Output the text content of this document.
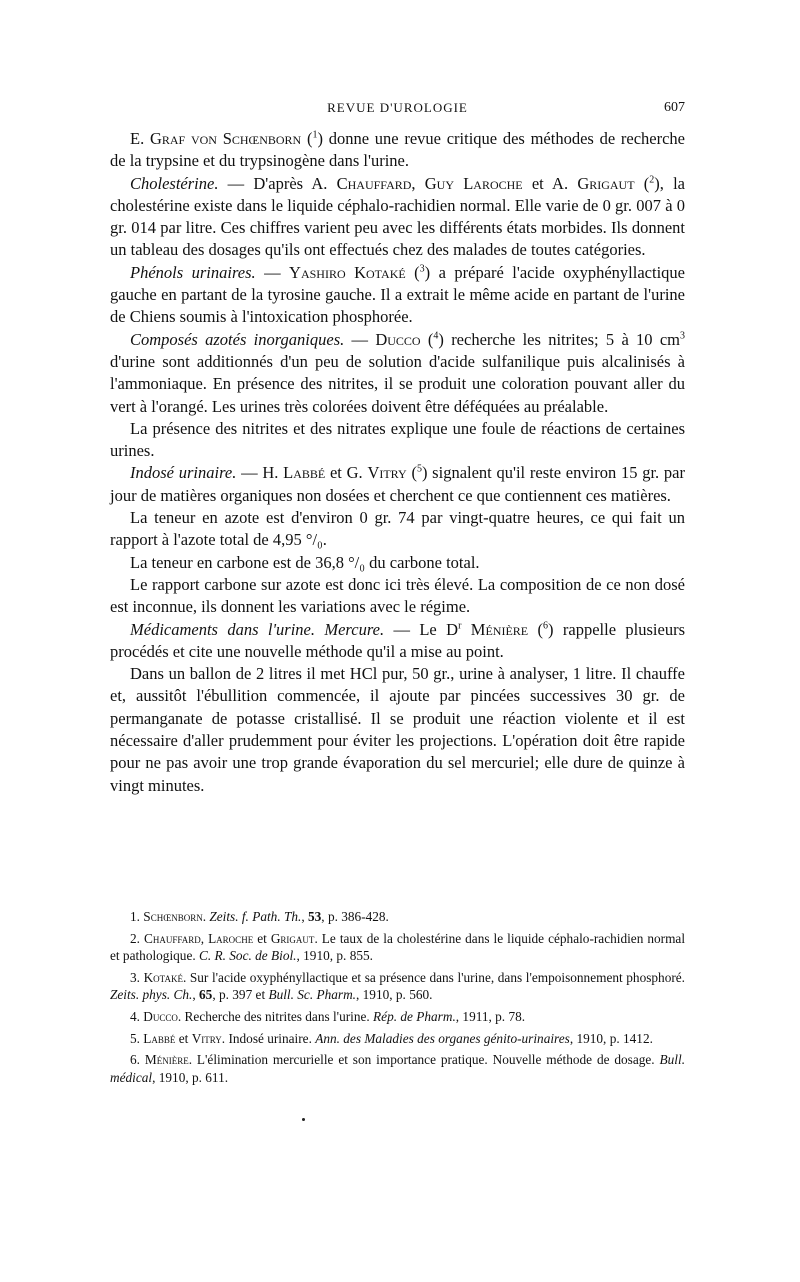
REVUE D'UROLOGIE	607

E. Graf von Schœnborn ($^1$) donne une revue critique des méthodes de recherche de la trypsine et du trypsinogène dans l'urine.

Cholestérine. — D'après A. Chauffard, Guy Laroche et A. Grigaut ($^2$), la cholestérine existe dans le liquide céphalo-rachidien normal. Elle varie de 0 gr. 007 à 0 gr. 014 par litre. Ces chiffres varient peu avec les différents états morbides. Ils donnent un tableau des dosages qu'ils ont effectués chez des malades de toutes catégories.

Phénols urinaires. — Yashiro Kotaké ($^3$) a préparé l'acide oxyphényllactique gauche en partant de la tyrosine gauche. Il a extrait le même acide en partant de l'urine de Chiens soumis à l'intoxication phosphorée.

Composés azotés inorganiques. — Ducco ($^4$) recherche les nitrites; 5 à 10 $cm^3$ d'urine sont additionnés d'un peu de solution d'acide sulfanilique puis alcalinisés à l'ammoniaque. En présence des nitrites, il se produit une coloration pouvant aller du vert à l'orangé. Les urines très colorées doivent être déféquées au préalable.

La présence des nitrites et des nitrates explique une foule de réactions de certaines urines.

Indosé urinaire. — H. Labbé et G. Vitry ($^5$) signalent qu'il reste environ 15 gr. par jour de matières organiques non dosées et cherchent ce que contiennent ces matières.

La teneur en azote est d'environ 0 gr. 74 par vingt-quatre heures, ce qui fait un rapport à l'azote total de 4,95 °/₀.

La teneur en carbone est de 36,8 °/₀ du carbone total.

Le rapport carbone sur azote est donc ici très élevé. La composition de ce non dosé est inconnue, ils donnent les variations avec le régime.

Médicaments dans l'urine. Mercure. — Le $D^r$ Ménière ($^6$) rappelle plusieurs procédés et cite une nouvelle méthode qu'il a mise au point.

Dans un ballon de 2 litres il met HCl pur, 50 gr., urine à analyser, 1 litre. Il chauffe et, aussitôt l'ébullition commencée, il ajoute par pincées successives 30 gr. de permanganate de potasse cristallisé. Il se produit une réaction violente et il est nécessaire d'aller prudemment pour éviter les projections. L'opération doit être rapide pour ne pas avoir une trop grande évaporation du sel mercuriel; elle dure de quinze à vingt minutes.

1. Schœnborn. Zeits. f. Path. Th., 53, p. 386-428.

2. Chauffard, Laroche et Grigaut. Le taux de la cholestérine dans le liquide céphalo-rachidien normal et pathologique. C. R. Soc. de Biol., 1910, p. 855.

3. Kotaké. Sur l'acide oxyphényllactique et sa présence dans l'urine, dans l'empoisonnement phosphoré. Zeits. phys. Ch., 65, p. 397 et Bull. Sc. Pharm., 1910, p. 560.

4. Ducco. Recherche des nitrites dans l'urine. Rép. de Pharm., 1911, p. 78.

5. Labbé et Vitry. Indosé urinaire. Ann. des Maladies des organes génito-urinaires, 1910, p. 1412.

6. Ménière. L'élimination mercurielle et son importance pratique. Nouvelle méthode de dosage. Bull. médical, 1910, p. 611.
